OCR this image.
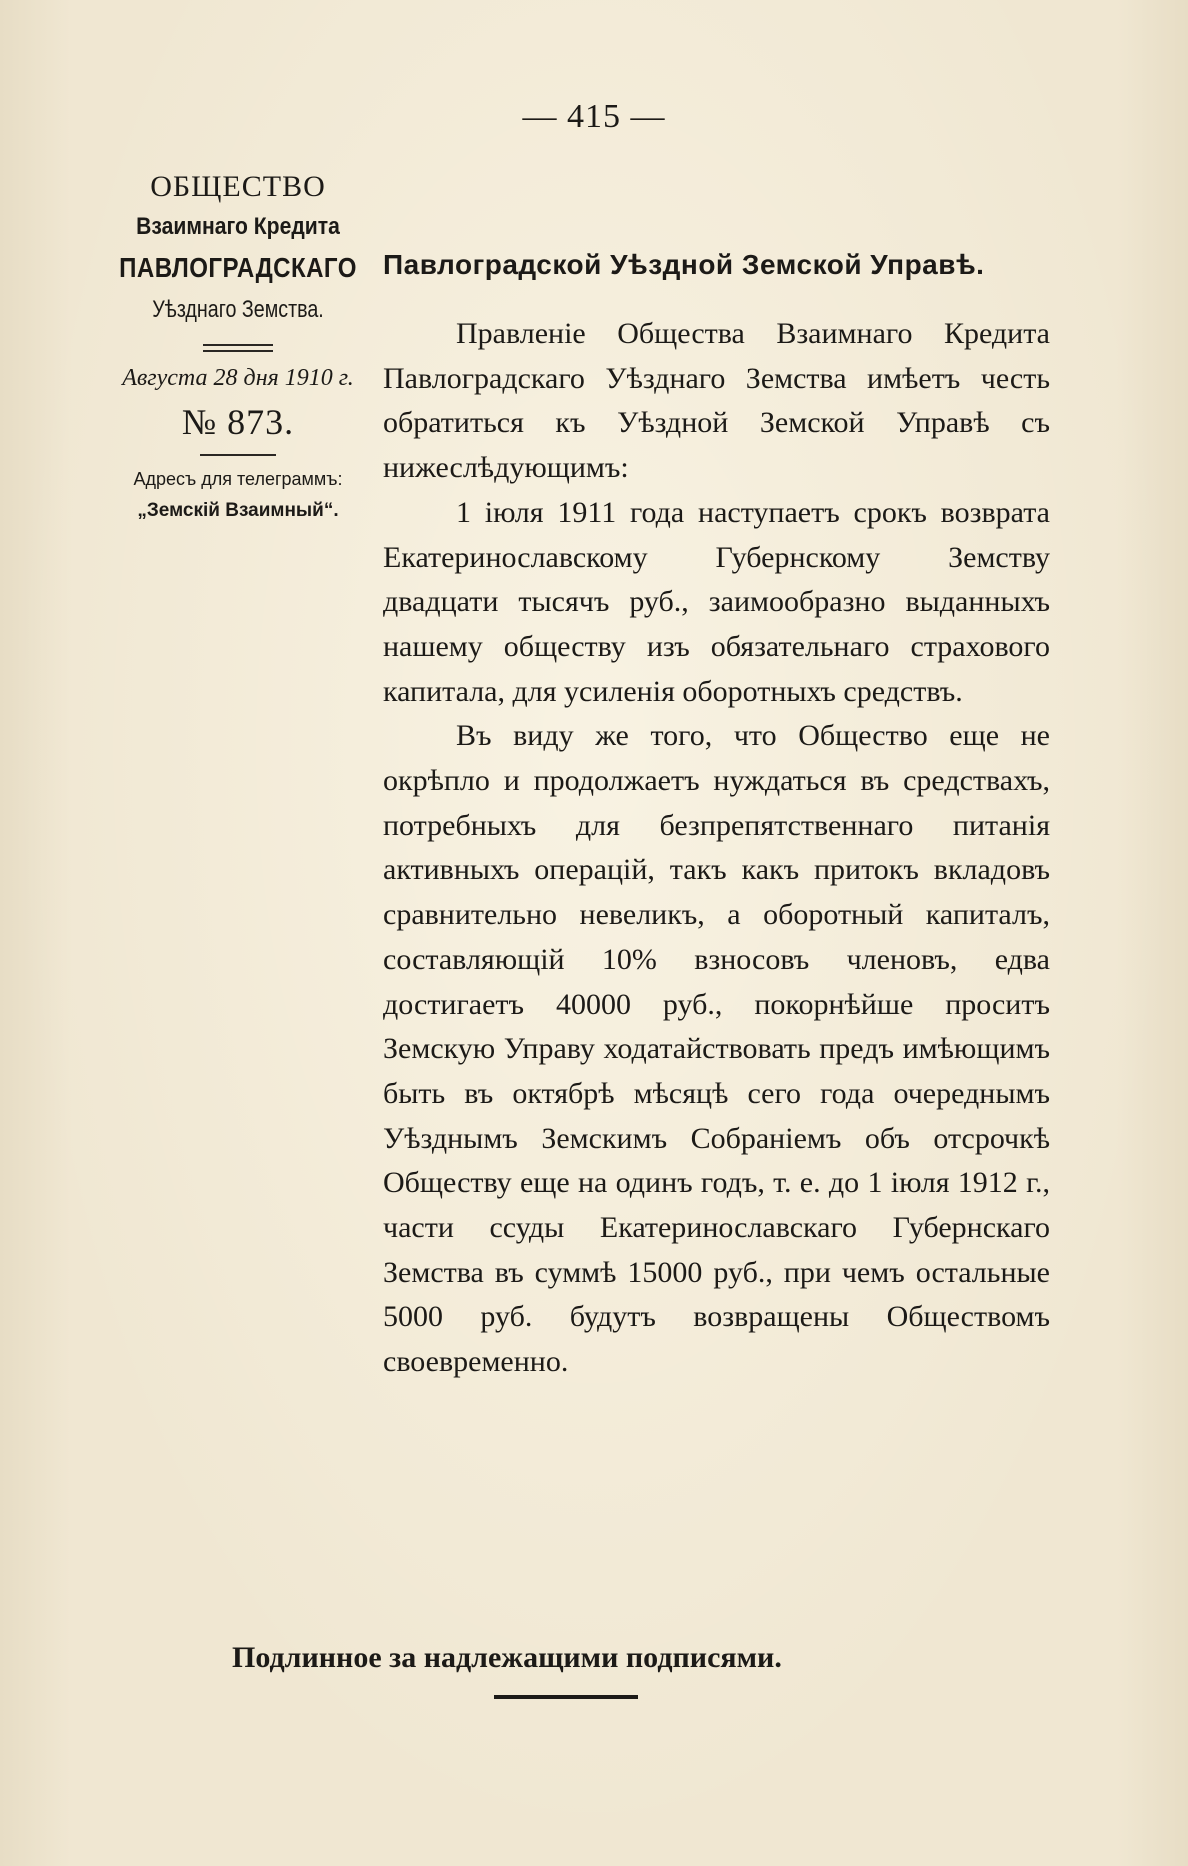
— 415 —
ОБЩЕСТВО
Взаимнаго Кредита
ПАВЛОГРАДСКАГО
Уѣзднаго Земства.
Августа 28 дня 1910 г.
№ 873.
Адресъ для телеграммъ:
„Земскій Взаимный“.
Павлоградской Уѣздной Земской Управѣ.

Правленіе Общества Взаимнаго Кредита Павлоградскаго Уѣзднаго Земства имѣетъ честь обратиться къ Уѣздной Земской Управѣ съ нижеслѣдующимъ:

1 іюля 1911 года наступаетъ срокъ возврата Екатеринославскому Губернскому Земству двадцати тысячъ руб., заимообразно выданныхъ нашему обществу изъ обязательнаго страхового капитала, для усиленія оборотныхъ средствъ.

Въ виду же того, что Общество еще не окрѣпло и продолжаетъ нуждаться въ средствахъ, потребныхъ для безпрепятственнаго питанія активныхъ операцій, такъ какъ притокъ вкладовъ сравнительно невеликъ, а оборотный капиталъ, составляющій 10% взносовъ членовъ, едва достигаетъ 40000 руб., покорнѣйше проситъ Земскую Управу ходатайствовать предъ имѣющимъ быть въ октябрѣ мѣсяцѣ сего года очереднымъ Уѣзднымъ Земскимъ Собраніемъ объ отсрочкѣ Обществу еще на одинъ годъ, т. е. до 1 іюля 1912 г., части ссуды Екатеринославскаго Губернскаго Земства въ суммѣ 15000 руб., при чемъ остальные 5000 руб. будутъ возвращены Обществомъ своевременно.

Подлинное за надлежащими подписями.
